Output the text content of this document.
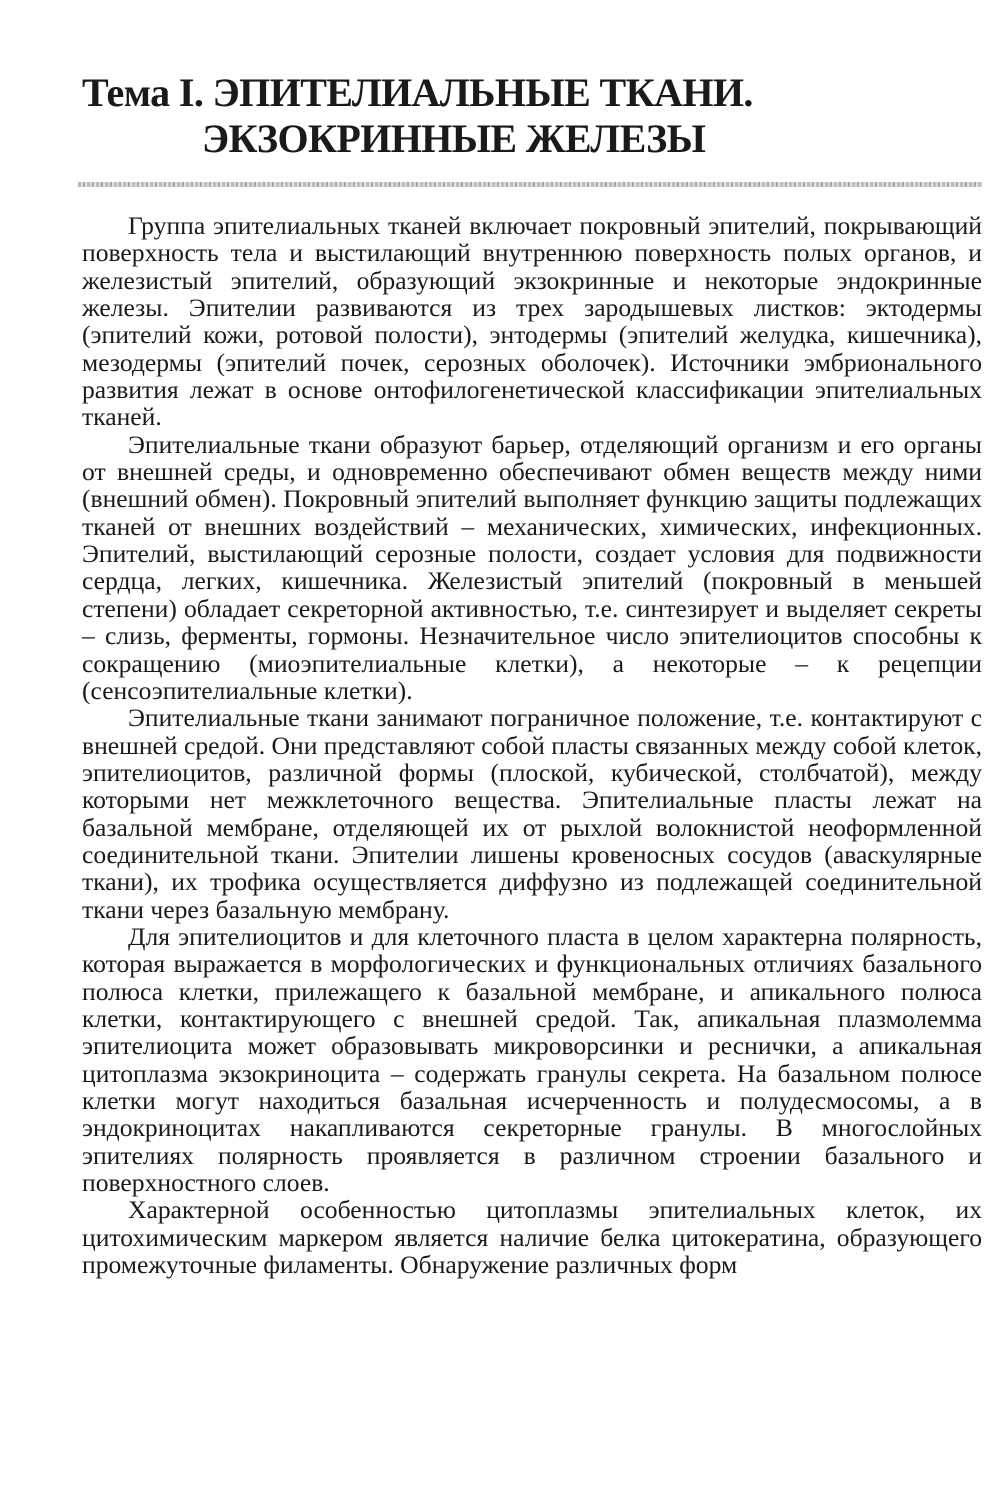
Тема I. ЭПИТЕЛИАЛЬНЫЕ ТКАНИ.
ЭКЗОКРИННЫЕ ЖЕЛЕЗЫ

Группа эпителиальных тканей включает покровный эпителий, покрывающий поверхность тела и выстилающий внутреннюю поверхность полых органов, и железистый эпителий, образующий экзокринные и некоторые эндокринные железы. Эпителии развиваются из трех зародышевых листков: эктодермы (эпителий кожи, ротовой полости), энтодермы (эпителий желудка, кишечника), мезодермы (эпителий почек, серозных оболочек). Источники эмбрионального развития лежат в основе онтофилогенетической классификации эпителиальных тканей.

Эпителиальные ткани образуют барьер, отделяющий организм и его органы от внешней среды, и одновременно обеспечивают обмен веществ между ними (внешний обмен). Покровный эпителий выполняет функцию защиты подлежащих тканей от внешних воздействий – механических, химических, инфекционных. Эпителий, выстилающий серозные полости, создает условия для подвижности сердца, легких, кишечника. Железистый эпителий (покровный в меньшей степени) обладает секреторной активностью, т.е. синтезирует и выделяет секреты – слизь, ферменты, гормоны. Незначительное число эпителиоцитов способны к сокращению (миоэпителиальные клетки), а некоторые – к рецепции (сенсоэпителиальные клетки).

Эпителиальные ткани занимают пограничное положение, т.е. контактируют с внешней средой. Они представляют собой пласты связанных между собой клеток, эпителиоцитов, различной формы (плоской, кубической, столбчатой), между которыми нет межклеточного вещества. Эпителиальные пласты лежат на базальной мембране, отделяющей их от рыхлой волокнистой неоформленной соединительной ткани. Эпителии лишены кровеносных сосудов (аваскулярные ткани), их трофика осуществляется диффузно из подлежащей соединительной ткани через базальную мембрану.

Для эпителиоцитов и для клеточного пласта в целом характерна полярность, которая выражается в морфологических и функциональных отличиях базального полюса клетки, прилежащего к базальной мембране, и апикального полюса клетки, контактирующего с внешней средой. Так, апикальная плазмолемма эпителиоцита может образовывать микроворсинки и реснички, а апикальная цитоплазма экзокриноцита – содержать гранулы секрета. На базальном полюсе клетки могут находиться базальная исчерченность и полудесмосомы, а в эндокриноцитах накапливаются секреторные гранулы. В многослойных эпителиях полярность проявляется в различном строении базального и поверхностного слоев.

Характерной особенностью цитоплазмы эпителиальных клеток, их цитохимическим маркером является наличие белка цитокератина, образующего промежуточные филаменты. Обнаружение различных форм
